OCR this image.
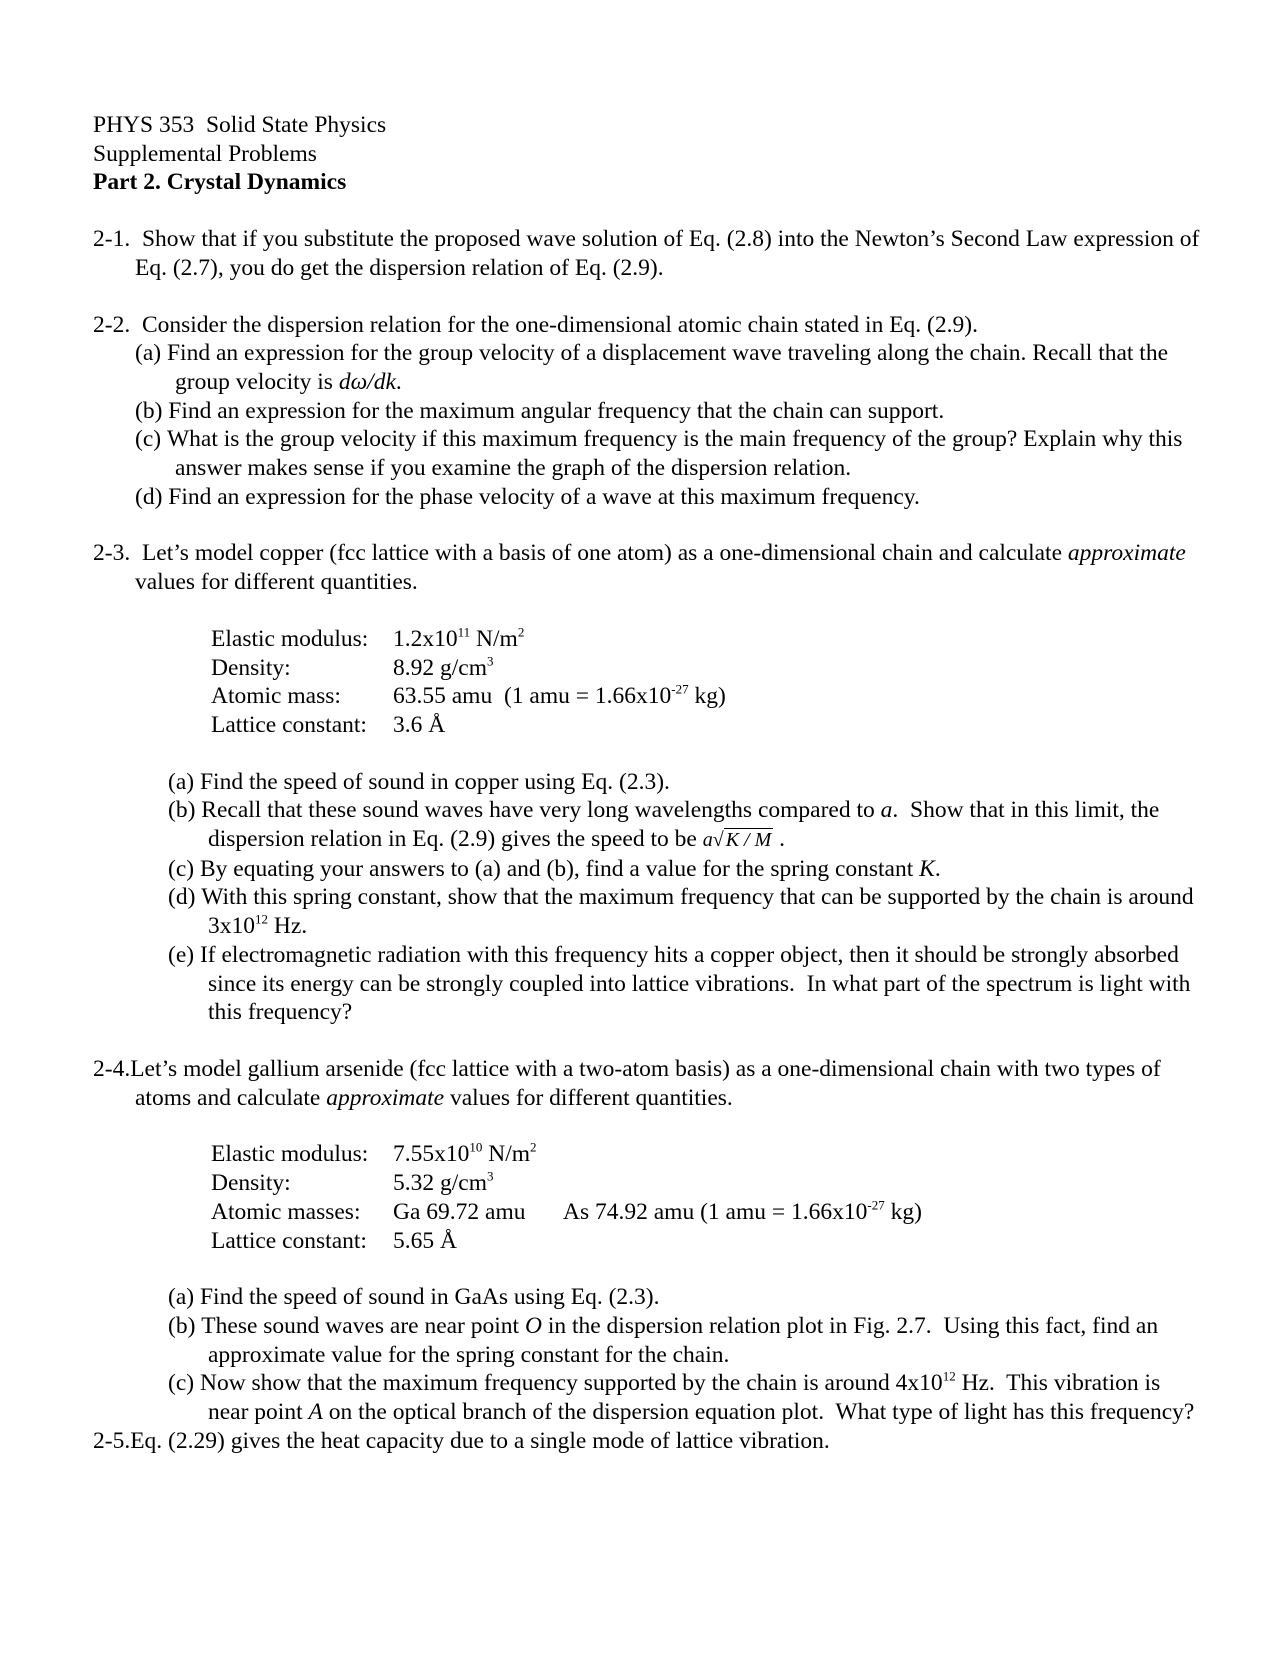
PHYS 353  Solid State Physics
Supplemental Problems
Part 2. Crystal Dynamics
2-1. Show that if you substitute the proposed wave solution of Eq. (2.8) into the Newton’s Second Law expression of Eq. (2.7), you do get the dispersion relation of Eq. (2.9).
2-2. Consider the dispersion relation for the one-dimensional atomic chain stated in Eq. (2.9).
(a) Find an expression for the group velocity of a displacement wave traveling along the chain. Recall that the group velocity is dω/dk.
(b) Find an expression for the maximum angular frequency that the chain can support.
(c) What is the group velocity if this maximum frequency is the main frequency of the group? Explain why this answer makes sense if you examine the graph of the dispersion relation.
(d) Find an expression for the phase velocity of a wave at this maximum frequency.
2-3. Let’s model copper (fcc lattice with a basis of one atom) as a one-dimensional chain and calculate approximate values for different quantities.
Elastic modulus:	$1.2x10^{11}$ $N/m^2$
Density:	8.92 $g/cm^3$
Atomic mass:	63.55 amu  (1 amu = $1.66x10^{-27}$ kg)
Lattice constant:	3.6 Å
(a) Find the speed of sound in copper using Eq. (2.3).
(b) Recall that these sound waves have very long wavelengths compared to a.  Show that in this limit, the dispersion relation in Eq. (2.9) gives the speed to be a√ K / M .
(c) By equating your answers to (a) and (b), find a value for the spring constant K.
(d) With this spring constant, show that the maximum frequency that can be supported by the chain is around $3x10^{12}$ Hz.
(e) If electromagnetic radiation with this frequency hits a copper object, then it should be strongly absorbed since its energy can be strongly coupled into lattice vibrations.  In what part of the spectrum is light with this frequency?
2-4.Let’s model gallium arsenide (fcc lattice with a two-atom basis) as a one-dimensional chain with two types of atoms and calculate approximate values for different quantities.
Elastic modulus:	$7.55x10^{10}$ $N/m^2$
Density:	5.32 $g/cm^3$
Atomic masses:	Ga 69.72 amu	As 74.92 amu (1 amu = $1.66x10^{-27}$ kg)
Lattice constant:	5.65 Å	
(a) Find the speed of sound in GaAs using Eq. (2.3).
(b) These sound waves are near point O in the dispersion relation plot in Fig. 2.7.  Using this fact, find an approximate value for the spring constant for the chain.
(c) Now show that the maximum frequency supported by the chain is around $4x10^{12}$ Hz.  This vibration is near point A on the optical branch of the dispersion equation plot.  What type of light has this frequency?
2-5.Eq. (2.29) gives the heat capacity due to a single mode of lattice vibration.
